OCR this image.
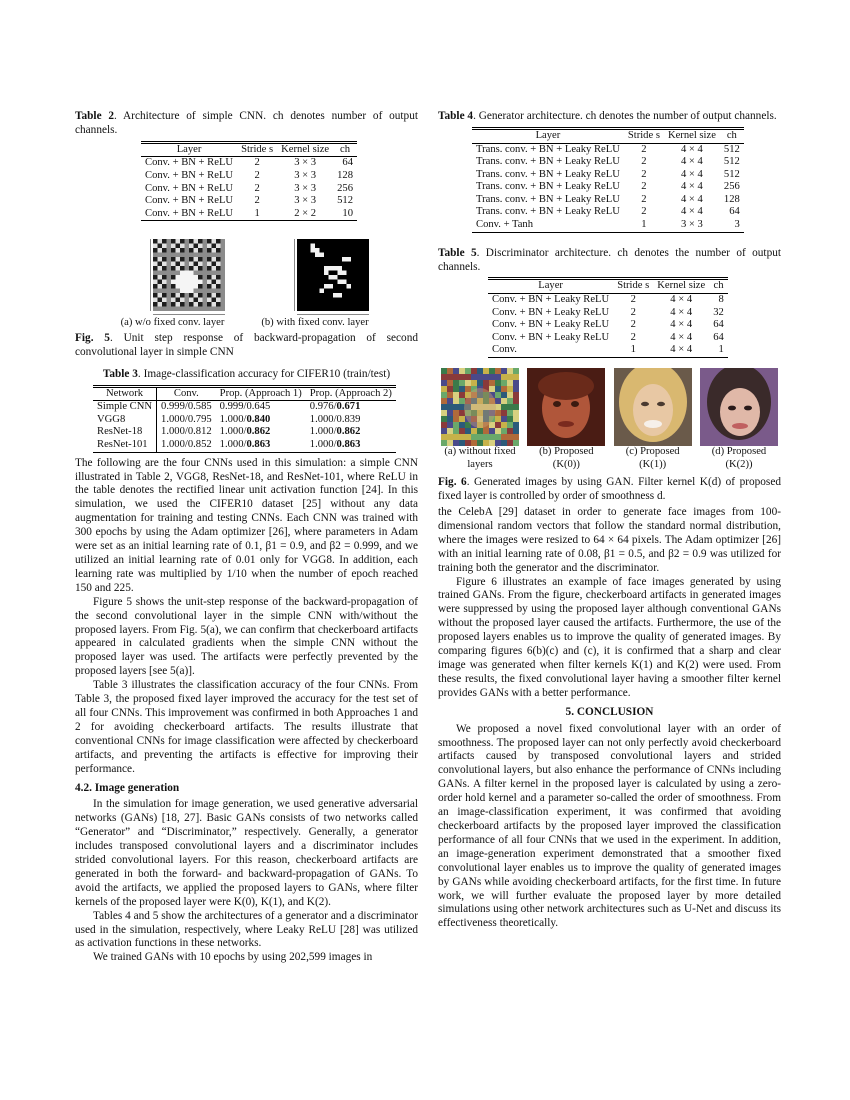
Table 2. Architecture of simple CNN. ch denotes number of output channels.
Layer	Stride s	Kernel size	ch
Conv. + BN + ReLU	2	3 × 3	64
Conv. + BN + ReLU	2	3 × 3	128
Conv. + BN + ReLU	2	3 × 3	256
Conv. + BN + ReLU	2	3 × 3	512
Conv. + BN + ReLU	1	2 × 2	10
(a) w/o fixed conv. layer	(b) with fixed conv. layer
Fig. 5. Unit step response of backward-propagation of second convolutional layer in simple CNN
Table 3. Image-classification accuracy for CIFER10 (train/test)
Network	Conv.	Prop. (Approach 1)	Prop. (Approach 2)
Simple CNN	0.999/0.585	0.999/0.645	0.976/0.671
VGG8	1.000/0.795	1.000/0.840	1.000/0.839
ResNet-18	1.000/0.812	1.000/0.862	1.000/0.862
ResNet-101	1.000/0.852	1.000/0.863	1.000/0.863

The following are the four CNNs used in this simulation: a simple CNN illustrated in Table 2, VGG8, ResNet-18, and ResNet-101, where ReLU in the table denotes the rectified linear unit activation function [24]. In this simulation, we used the CIFER10 dataset [25] without any data augmentation for training and testing CNNs. Each CNN was trained with 300 epochs by using the Adam optimizer [26], where parameters in Adam were set as an initial learning rate of 0.1, β1 = 0.9, and β2 = 0.999, and we utilized an initial learning rate of 0.01 only for VGG8. In addition, each learning rate was multiplied by 1/10 when the number of epoch reached 150 and 225.

Figure 5 shows the unit-step response of the backward-propagation of the second convolutional layer in the simple CNN with/without the proposed layers. From Fig. 5(a), we can confirm that checkerboard artifacts appeared in calculated gradients when the simple CNN without the proposed layer was used. The artifacts were perfectly prevented by the proposed layers [see 5(a)].

Table 3 illustrates the classification accuracy of the four CNNs. From Table 3, the proposed fixed layer improved the accuracy for the test set of all four CNNs. This improvement was confirmed in both Approaches 1 and 2 for avoiding checkerboard artifacts. The results illustrate that conventional CNNs for image classification were affected by checkerboard artifacts, and preventing the artifacts is effective for improving their performance.

4.2. Image generation

In the simulation for image generation, we used generative adversarial networks (GANs) [18, 27]. Basic GANs consists of two networks called “Generator” and “Discriminator,” respectively. Generally, a generator includes transposed convolutional layers and a discriminator includes strided convolutional layers. For this reason, checkerboard artifacts are generated in both the forward- and backward-propagation of GANs. To avoid the artifacts, we applied the proposed layers to GANs, where filter kernels of the proposed layer were K(0), K(1), and K(2).

Tables 4 and 5 show the architectures of a generator and a discriminator used in the simulation, respectively, where Leaky ReLU [28] was utilized as activation functions in these networks.

We trained GANs with 10 epochs by using 202,599 images in

Table 4. Generator architecture. ch denotes the number of output channels.
Layer	Stride s	Kernel size	ch
Trans. conv. + BN + Leaky ReLU	2	4 × 4	512
Trans. conv. + BN + Leaky ReLU	2	4 × 4	512
Trans. conv. + BN + Leaky ReLU	2	4 × 4	512
Trans. conv. + BN + Leaky ReLU	2	4 × 4	256
Trans. conv. + BN + Leaky ReLU	2	4 × 4	128
Trans. conv. + BN + Leaky ReLU	2	4 × 4	64
Conv. + Tanh	1	3 × 3	3
Table 5. Discriminator architecture. ch denotes the number of output channels.
Layer	Stride s	Kernel size	ch
Conv. + BN + Leaky ReLU	2	4 × 4	8
Conv. + BN + Leaky ReLU	2	4 × 4	32
Conv. + BN + Leaky ReLU	2	4 × 4	64
Conv. + BN + Leaky ReLU	2	4 × 4	64
Conv.	1	4 × 4	1
(a) without fixed
layers
(b) Proposed
(K(0))
(c) Proposed
(K(1))
(d) Proposed
(K(2))
Fig. 6. Generated images by using GAN. Filter kernel K(d) of proposed fixed layer is controlled by order of smoothness d.

the CelebA [29] dataset in order to generate face images from 100-dimensional random vectors that follow the standard normal distribution, where the images were resized to 64 × 64 pixels. The Adam optimizer [26] with an initial learning rate of 0.08, β1 = 0.5, and β2 = 0.9 was utilized for training both the generator and the discriminator.

Figure 6 illustrates an example of face images generated by using trained GANs. From the figure, checkerboard artifacts in generated images were suppressed by using the proposed layer although conventional GANs without the proposed layer caused the artifacts. Furthermore, the use of the proposed layers enables us to improve the quality of generated images. By comparing figures 6(b)(c) and (c), it is confirmed that a sharp and clear image was generated when filter kernels K(1) and K(2) were used. From these results, the fixed convolutional layer having a smoother filter kernel provides GANs with a better performance.

5. CONCLUSION

We proposed a novel fixed convolutional layer with an order of smoothness. The proposed layer can not only perfectly avoid checkerboard artifacts caused by transposed convolutional layers and strided convolutional layers, but also enhance the performance of CNNs including GANs. A filter kernel in the proposed layer is calculated by using a zero-order hold kernel and a parameter so-called the order of smoothness. From an image-classification experiment, it was confirmed that avoiding checkerboard artifacts by the proposed layer improved the classification performance of all four CNNs that we used in the experiment. In addition, an image-generation experiment demonstrated that a smoother fixed convolutional layer enables us to improve the quality of generated images by GANs while avoiding checkerboard artifacts, for the first time. In future work, we will further evaluate the proposed layer by more detailed simulations using other network architectures such as U-Net and discuss its effectiveness theoretically.
